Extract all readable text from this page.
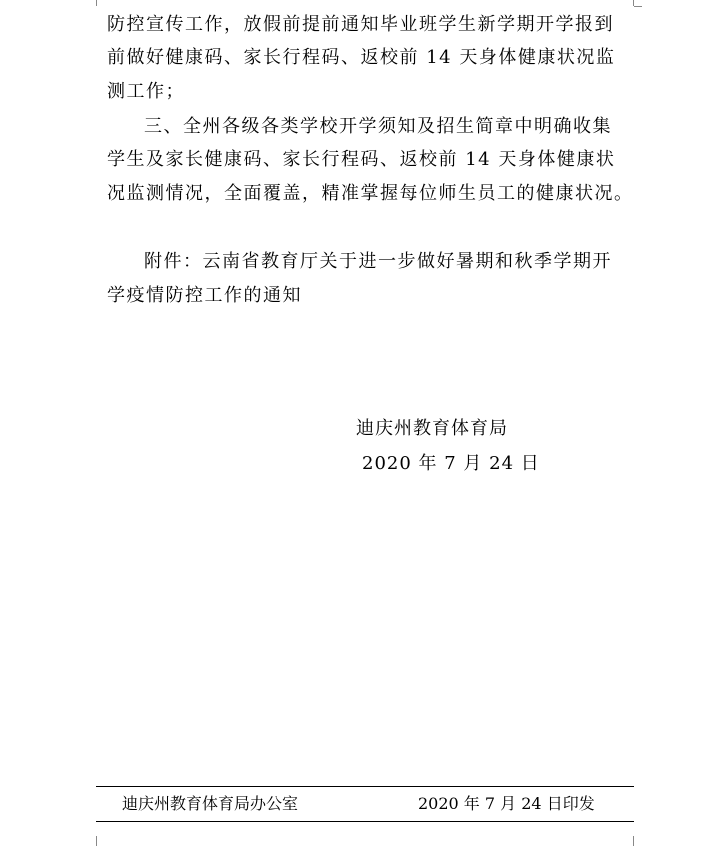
防控宣传工作，放假前提前通知毕业班学生新学期开学报到
前做好健康码、家长行程码、返校前 14 天身体健康状况监
测工作；
三、全州各级各类学校开学须知及招生简章中明确收集
学生及家长健康码、家长行程码、返校前 14 天身体健康状
况监测情况，全面覆盖，精准掌握每位师生员工的健康状况。
附件：云南省教育厅关于进一步做好暑期和秋季学期开
学疫情防控工作的通知
迪庆州教育体育局
2020 年 7 月 24 日
迪庆州教育体育局办公室	2020 年 7 月 24 日印发
